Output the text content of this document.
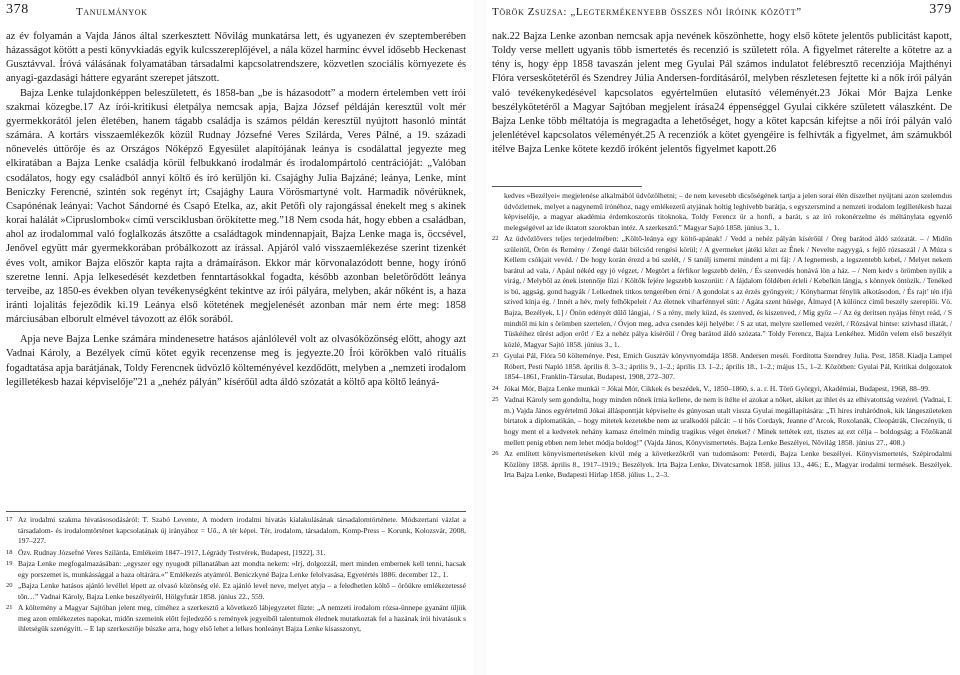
378	Tanulmányok

az év folyamán a Vajda János által szerkesztett Nővilág munkatársa lett, és ugyanezen év szeptemberében házasságot kötött a pesti könyvkiadás egyik kulcsszereplőjével, a nála közel harminc évvel idősebb Heckenast Gusztávval. Íróvá válásának folyamatában társadalmi kapcsolatrendszere, közvetlen szociális környezete és anyagi-gazdasági háttere egyaránt szerepet játszott.

Bajza Lenke tulajdonképpen beleszületett, és 1858-ban „be is házasodott” a modern értelemben vett írói szakmai közegbe.17 Az írói-kritikusi életpálya nemcsak apja, Bajza József példáján keresztül volt mér gyermekkorától jelen életében, hanem tágabb családja is számos példán keresztül nyújtott hasonló mintát számára. A kortárs visszaemlékezők közül Rudnay Józsefné Veres Szilárda, Veres Pálné, a 19. századi nőnevelés úttörője és az Országos Nőképző Egyesület alapítójának leánya is csodálattal jegyezte meg elkiratában a Bajza Lenke családja körül felbukkanó irodalmár és irodalompártoló centrációját: „Valóban csodálatos, hogy egy családból annyi költő és író kerüljön ki. Csajághy Julia Bajzáné; leánya, Lenke, mint Beniczky Ferencné, szintén sok regényt írt; Csajághy Laura Vörösmartyné volt. Harmadik nővérüknek, Csapónénak leányai: Vachot Sándorné és Csapó Etelka, az, akit Petőfi oly rajongással énekelt meg s akinek korai halálát »Cipruslombok« című versciklusban örökítette meg.”18 Nem csoda hát, hogy ebben a családban, ahol az irodalommal való foglalkozás átszőtte a családtagok mindennapjait, Bajza Lenke maga is, öccsével, Jenővel együtt már gyermekkorában próbálkozott az írással. Apjáról való visszaemlékezése szerint tizenkét éves volt, amikor Bajza először kapta rajta a drámaíráson. Ekkor már körvonalazódott benne, hogy írónő szeretne lenni. Apja lelkesedését kezdetben fenntartásokkal fogadta, később azonban beletörődött leánya terveibe, az 1850-es években olyan tevékenységként tekintve az írói pályára, melyben, akár nőként is, a haza iránti lojalitás fejeződik ki.19 Leánya első kötetének megjelenését azonban már nem érte meg: 1858 márciusában elborult elmével távozott az élők sorából.

Apja neve Bajza Lenke számára mindenesetre hatásos ajánlólevél volt az olvasóközönség előtt, ahogy azt Vadnai Károly, a Bezélyek című kötet egyik recenzense meg is jegyezte.20 Írói körökben való rituális fogadtatása apja barátjának, Toldy Ferencnek üdvözlő költeményével kezdődött, melyben a „nemzeti irodalom legilletékesb hazai képviselője”21 a „nehéz pályán” kísérőül adta áldó szózatát a költő apa költő leányá-

17 Az irodalmi szakma hivatásosodásáról: T. Szabó Levente, A modern irodalmi hivatás kialakulásának társadalomtörténete. Módszertani vázlat a társadalom- és irodalomtörténet kapcsolatának új irányához = Uő., A tér képei. Tér, irodalom, társadalom, Komp-Press – Korunk, Kolozsvár, 2008, 197–227.
18 Özv. Rudnay Józsefné Veres Szilárda, Emlékeim 1847–1917, Légrády Testvérek, Budapest, [1922], 31.
19 Bajza Lenke megfogalmazásában: „egyszer egy nyugodt pillanatában azt mondta nekem: »Irj, dolgozzál, mert minden embernek kell tenni, hacsak egy porszemet is, munkássággal a haza oltárára.«” Emlékezés atyámról. Beniczkyné Bajza Lenke felolvasása, Egyetértés 1886. december 12., 1.
20 „Bajza Lenke hatásos ajánló levéllel lépett az olvasó közönség elé. Ez ajánló level neve, melyet atyja – a feledhetlen költő – öröükre emlékezetessé tőn…” Vadnai Károly, Bajza Lenke beszélyeiről, Hölgyfutár 1858. június 22., 559.
21 A költemény a Magyar Sajtóban jelent meg, címéhez a szerkesztő a következő lábjegyzetet fűzte: „A nemzeti irodalom rózsa-ünnepe gyanánt üljük meg azon emlékezetes napokat, midőn szemeink előtt fejledezőö s remények jegyeiből talentumok élednek mutatkoztak fel a hazának írói hivatásuk s ihletségük szenégyitt. – E lap szerkesztője búszke arra, hogy első lehet a lelkes honleányt Bajza Lenke kisasszonyt,
Török Zsuzsa: „Legtermékenyebb összes női íróink között”	379

nak.22 Bajza Lenke azonban nemcsak apja nevének köszönhette, hogy első kötete jelentős publicitást kapott, Toldy verse mellett ugyanis több ismertetés és recenzió is született róla. A figyelmet ráterelte a kötetre az a tény is, hogy épp 1858 tavaszán jelent meg Gyulai Pál számos indulatot felébresztő recenziója Majthényi Flóra verseskötetéről és Szendrey Júlia Andersen-fordításáról, melyben részletesen fejtette ki a nők írói pályán való tevékenykedésével kapcsolatos egyértelműen elutasító véleményét.23 Jókai Mór Bajza Lenke beszélykötetéről a Magyar Sajtóban megjelent írása24 éppenséggel Gyulai cikkére született válaszként. De Bajza Lenke több méltatója is megragadta a lehetőséget, hogy a kötet kapcsán kifejtse a női írói pályán való jelenlétével kapcsolatos véleményét.25 A recenziók a kötet gyengéire is felhívták a figyelmet, ám számukból itélve Bajza Lenke kötete kezdő íróként jelentős figyelmet kapott.26

kedves »Bezélyei« megjelenése alkalmából üdvözölhetni; – de nem kevesebb dicsőségének tartja a jelen sorai élén díszelhet nyújtani azon szelemdus üdvözletnek, melyet a nagynemű írónéhoz, nagy emlékezetű atyjának holtig leghívebb barátja, s egyszersmind a nemzeti irodalom legilletékesb hazai képviselője, a magyar akadémia érdemkoszorús titoknoka, Toldy Ferencz úr a honfi, a barát, s az író rokonérzelme és méltánylata egyenlő melegségével az ide iktatott szorokban intéz. A szerkesztő.” Magyar Sajtó 1858. június 3., 1.
22 Az üdvözlővers teljes terjedelmében: „Költő-leánya egy költő-apának! / Vedd a nehéz pályán kísérőül / Öreg barátod áldó szózatát. – / Midőn szüleitől, Örön és Remény / Zengé dalát bölcsőd rengési körül; / A gyermeket játéki közt az Ének / Nevelte nagyygá, s fejlő rózsaszál / A Múza s Kellem csókjait vevéd. / De hogy korán érezd a bú szelét, / S tanúlj ismerni mindent a mi fáj: / A legnemesb, a legszentebb kebel, / Melyet nekem barátul ad vala, / Apául nékéd egy jó végzet, / Megtört a férfikor legszebb delén, / És szenvedés honává lön a ház. – / Nem kedv s örömben nyílik a virág, / Melyből az ének istennője fűzi / Költők fejére legszebb koszorúit: / A fájdalom földében érleli / Kebelkin lángja, s könnyek öntözik. / Tenéked is bú, aggság, gond hagyák / Lelkednek titkos tengerében érni / A gondolat s az érzés gyöngyeit; / Könyharmat fénylik alkotásodon, / És rajt’ tén ifjú szived kínja ég. / Innét a hév, mely felhőkpeleit / Az életnek viharfénnyel süti: / Agáta szent húsége, Álmayd [A különcz című beszély szereplői. Vö. Bajza, Bezélyek, I.] / Önön edényét dűlő lángjai, / S a rény, mely küzd, és szenved, és kiszenved, / Mig győz – / Az ég derítsen nyájas fényt reád, / S mindtől mi kín s örömben szertelen, / Óvjon meg, adva csendes kéji helyébe: / S az utat, melyre szellemed vezérl, / Rózsával hintse: szivhasd illatát, / Tüskéihez tűrést adjon erőt! / Ez a nehéz pálya kísérőül / Öreg barátod áldó szózata.” Toldy Ferencz, Bajza Lenkéhez. Midőn velem első beszélyit közlé, Magyar Sajtó 1858. június 3., 1.
23 Gyulai Pál, Flóra 50 költeménye. Pest, Emich Gusztáv könyvnyomdája 1858. Andersen meséi. Fordította Szendrey Julia. Pest, 1858. Kiadja Lampel Róbert, Pesti Napló 1858. április 8. 3–3.; április 9., 1–2.; április 13. 1–2.; április 18., 1–2.; május 15., 1–2. Közötben: Gyulai Pál, Kritikai dolgozatok 1854–1861, Franklin-Társulat, Budapest, 1908, 272–307.
24 Jókai Mór, Bajza Lenke munkái = Jókai Mór, Cikkek és beszédek, V., 1850–1860, s. a. r. H. Törő Györgyi, Akadémiai, Budapest, 1968, 88–99.
25 Vadnai Károly sem gondolta, hogy minden nőnek írnia kellene, de nem is ítélte el azokat a nőket, akiket az ihlet és az elhivatottság vezérel. (Vadnai, I. m.) Vajda János egyértelmű Jókai állásponttját képviselte és gúnyosan utalt vissza Gyulai megállapítására: „Ti hires iruháródnok, kik lángeszüeteken birtatok a diplomatikán, – hogy mitetek kezetekbe nem az uralkodói pálcát: – ti hős Cordayk, Jeanne d’Arcok, Roxolanák, Cleopátrák, Cleczényik, ti hogy ment el a kedvetek nehány kamasz értelmén mindig tragikus véget érteket? / Minek tettétek ezt, tisztes az ezt célja – boldogság; a Főzőkanál mellett penig ebben nem lehet módja boldog!” (Vajda János, Könyvismertetés. Bajza Lenke Beszélyei, Nővilág 1858. június 27., 408.)
26 Az említett könyvismertetéseken kívül még a következőkről van tudomásom: Peterdi, Bajza Lenke beszélyei. Könyvismertetés, Szépirodalmi Közlöny 1858. április 8., 1917–1919.; Beszélyek. Irta Bajza Lenke, Divatcsarnok 1858. július 13., 446.; E., Magyar irodalmi termések. Beszélyek. Irta Bajza Lenke, Budapesti Hírlap 1858. július 1., 2–3.
